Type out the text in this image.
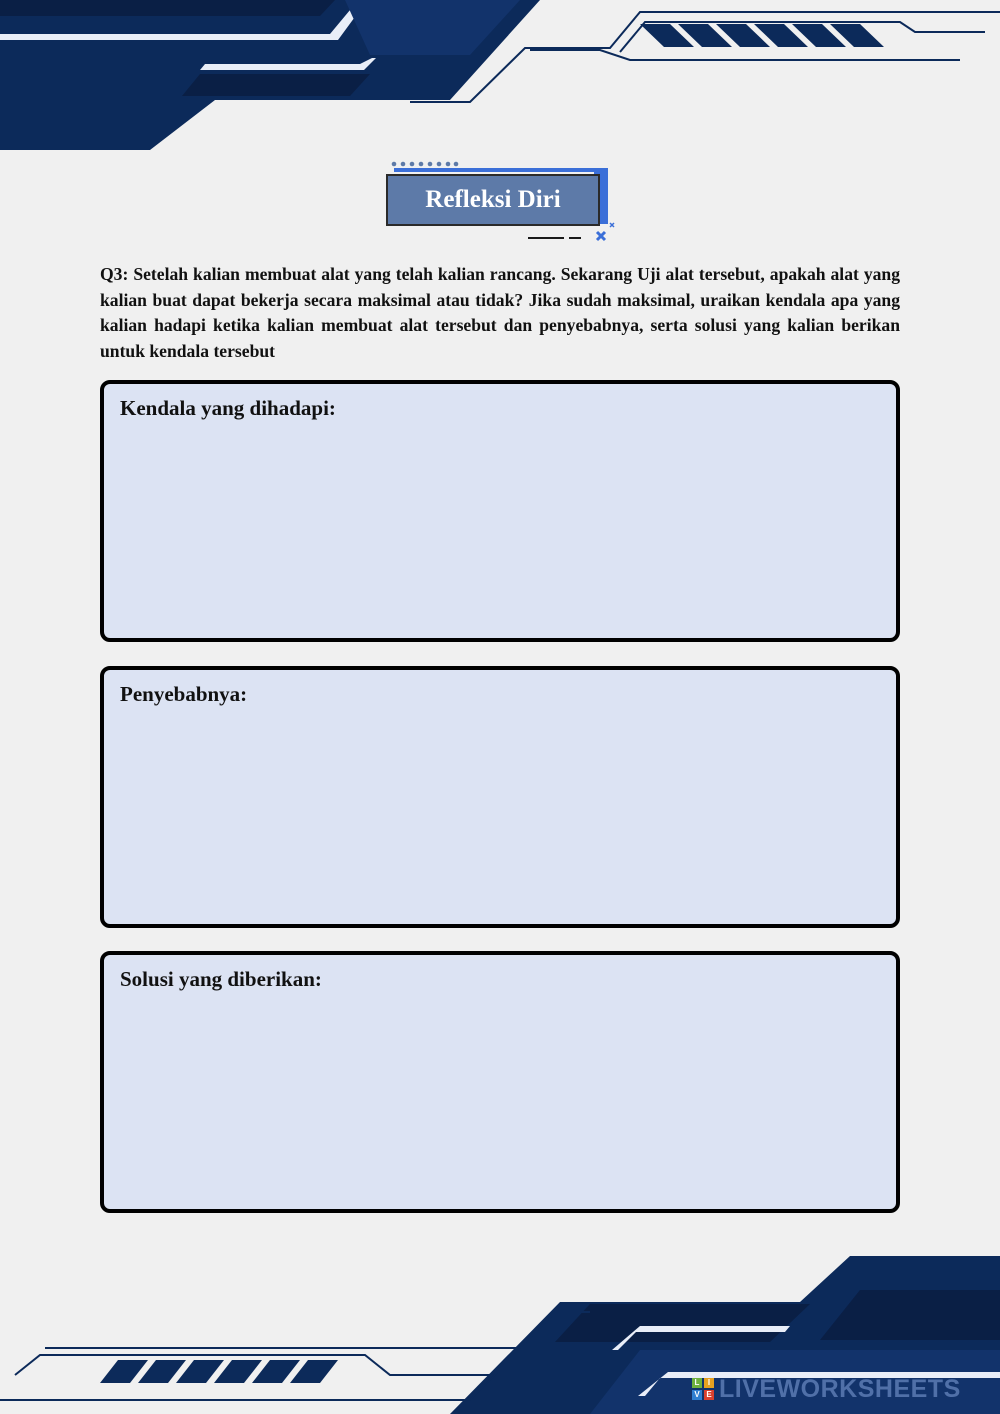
Refleksi Diri
Q3: Setelah kalian membuat alat yang telah kalian rancang. Sekarang Uji alat tersebut, apakah alat yang kalian buat dapat bekerja secara maksimal atau tidak? Jika sudah maksimal, uraikan kendala apa yang kalian hadapi ketika kalian membuat alat tersebut dan penyebabnya, serta solusi yang kalian berikan untuk kendala tersebut
Kendala yang dihadapi:
Penyebabnya:
Solusi yang diberikan:
L	I
V E LIVEWORKSHEETS
